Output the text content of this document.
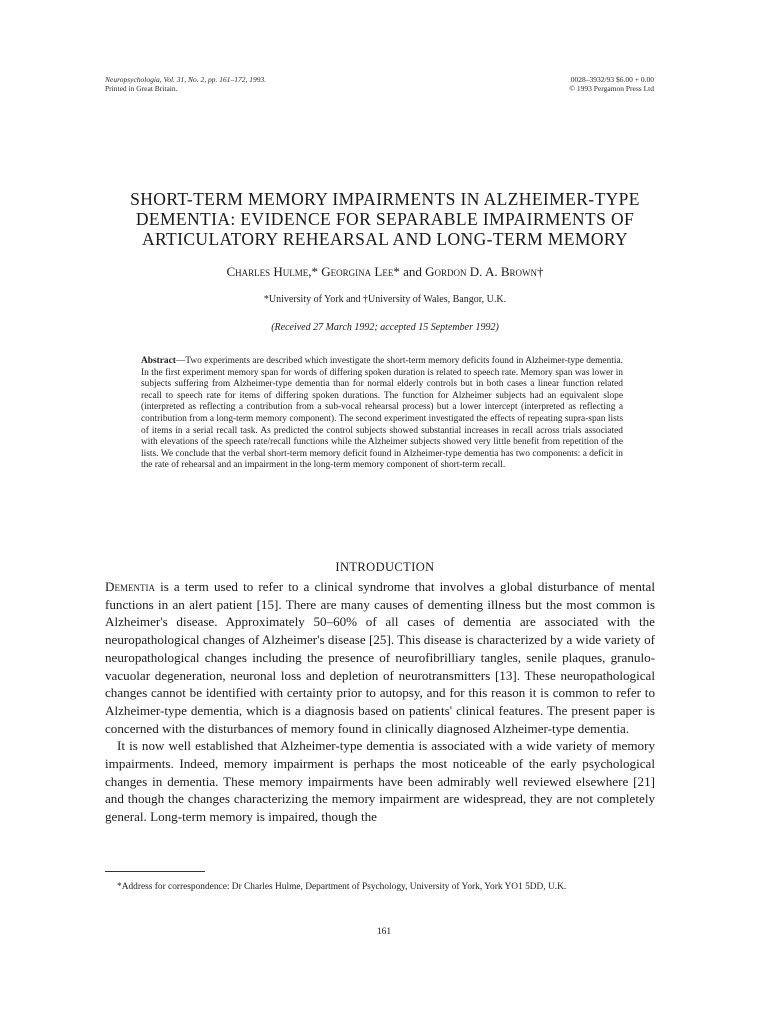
Neuropsychologia, Vol. 31, No. 2, pp. 161–172, 1993.
Printed in Great Britain.
0028–3932/93 $6.00 + 0.00
© 1993 Pergamon Press Ltd
SHORT-TERM MEMORY IMPAIRMENTS IN ALZHEIMER-TYPE DEMENTIA: EVIDENCE FOR SEPARABLE IMPAIRMENTS OF ARTICULATORY REHEARSAL AND LONG-TERM MEMORY
Charles Hulme,* Georgina Lee* and Gordon D. A. Brown†
*University of York and †University of Wales, Bangor, U.K.
(Received 27 March 1992; accepted 15 September 1992)
Abstract—Two experiments are described which investigate the short-term memory deficits found in Alzheimer-type dementia. In the first experiment memory span for words of differing spoken duration is related to speech rate. Memory span was lower in subjects suffering from Alzheimer-type dementia than for normal elderly controls but in both cases a linear function related recall to speech rate for items of differing spoken durations. The function for Alzheimer subjects had an equivalent slope (interpreted as reflecting a contribution from a sub-vocal rehearsal process) but a lower intercept (interpreted as reflecting a contribution from a long-term memory component). The second experiment investigated the effects of repeating supra-span lists of items in a serial recall task. As predicted the control subjects showed substantial increases in recall across trials associated with elevations of the speech rate/recall functions while the Alzheimer subjects showed very little benefit from repetition of the lists. We conclude that the verbal short-term memory deficit found in Alzheimer-type dementia has two components: a deficit in the rate of rehearsal and an impairment in the long-term memory component of short-term recall.
INTRODUCTION

Dementia is a term used to refer to a clinical syndrome that involves a global disturbance of mental functions in an alert patient [15]. There are many causes of dementing illness but the most common is Alzheimer's disease. Approximately 50–60% of all cases of dementia are associated with the neuropathological changes of Alzheimer's disease [25]. This disease is characterized by a wide variety of neuropathological changes including the presence of neurofibrilliary tangles, senile plaques, granulo-vacuolar degeneration, neuronal loss and depletion of neurotransmitters [13]. These neuropathological changes cannot be identified with certainty prior to autopsy, and for this reason it is common to refer to Alzheimer-type dementia, which is a diagnosis based on patients' clinical features. The present paper is concerned with the disturbances of memory found in clinically diagnosed Alzheimer-type dementia.

It is now well established that Alzheimer-type dementia is associated with a wide variety of memory impairments. Indeed, memory impairment is perhaps the most noticeable of the early psychological changes in dementia. These memory impairments have been admirably well reviewed elsewhere [21] and though the changes characterizing the memory impairment are widespread, they are not completely general. Long-term memory is impaired, though the

*Address for correspondence: Dr Charles Hulme, Department of Psychology, University of York, York YO1 5DD, U.K.
161
